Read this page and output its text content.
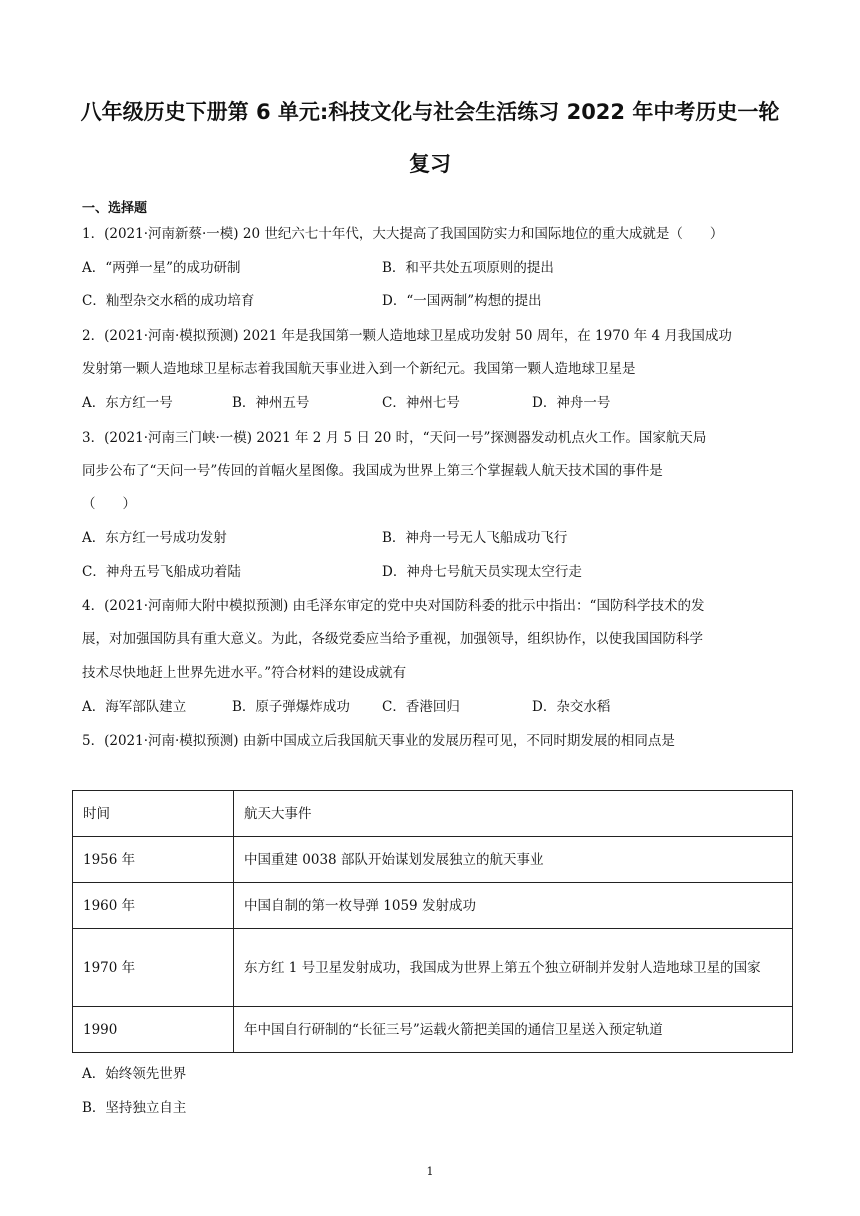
八年级历史下册第 6 单元:科技文化与社会生活练习 2022 年中考历史一轮
复习
一、选择题
1．(2021·河南新蔡·一模) 20 世纪六七十年代，大大提高了我国国防实力和国际地位的重大成就是（　　）
A．“两弹一星”的成功研制	B．和平共处五项原则的提出
C．籼型杂交水稻的成功培育	D．“一国两制”构想的提出
2．(2021·河南·模拟预测) 2021 年是我国第一颗人造地球卫星成功发射 50 周年，在 1970 年 4 月我国成功
发射第一颗人造地球卫星标志着我国航天事业进入到一个新纪元。我国第一颗人造地球卫星是
A．东方红一号	B．神州五号	C．神州七号	D．神舟一号
3．(2021·河南三门峡·一模) 2021 年 2 月 5 日 20 时，“天问一号”探测器发动机点火工作。国家航天局
同步公布了“天问一号”传回的首幅火星图像。我国成为世界上第三个掌握载人航天技术国的事件是
（　　）
A．东方红一号成功发射	B．神舟一号无人飞船成功飞行
C．神舟五号飞船成功着陆	D．神舟七号航天员实现太空行走
4．(2021·河南师大附中模拟预测) 由毛泽东审定的党中央对国防科委的批示中指出：“国防科学技术的发
展，对加强国防具有重大意义。为此，各级党委应当给予重视，加强领导，组织协作，以使我国国防科学
技术尽快地赶上世界先进水平。”符合材料的建设成就有
A．海军部队建立	B．原子弹爆炸成功 C．香港回归	D．杂交水稻
5．(2021·河南·模拟预测) 由新中国成立后我国航天事业的发展历程可见，不同时期发展的相同点是
时间	航天大事件
1956 年	中国重建 0038 部队开始谋划发展独立的航天事业
1960 年	中国自制的第一枚导弹 1059 发射成功
1970 年	东方红 1 号卫星发射成功，我国成为世界上第五个独立研制并发射人造地球卫星的国家
1990	年中国自行研制的“长征三号”运载火箭把美国的通信卫星送入预定轨道
A．始终领先世界
B．坚持独立自主
1
